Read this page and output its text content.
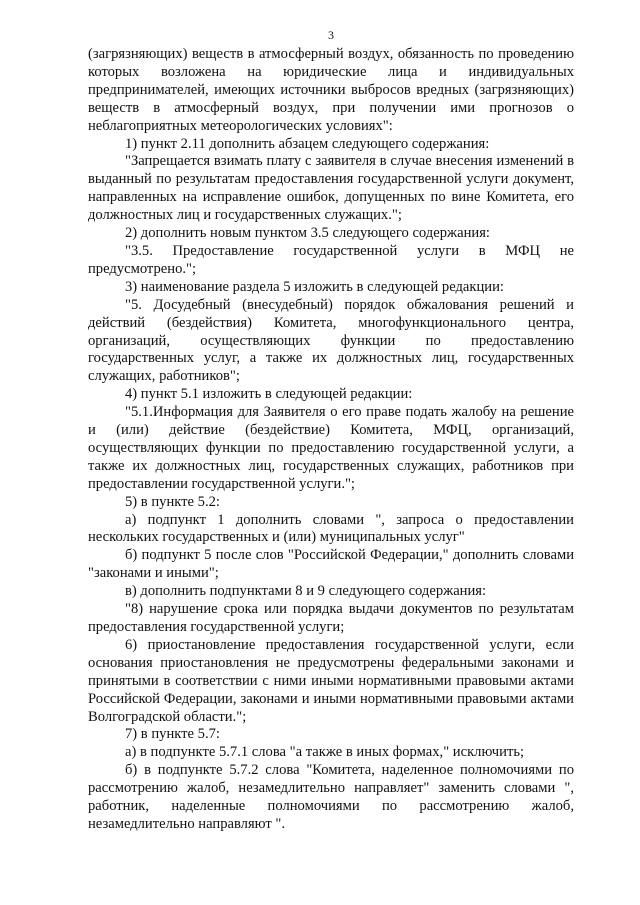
3

(загрязняющих) веществ в атмосферный воздух, обязанность по проведению которых возложена на юридические лица и индивидуальных предпринимателей, имеющих источники выбросов вредных (загрязняющих) веществ в атмосферный воздух, при получении ими прогнозов о неблагоприятных метеорологических условиях":

1) пункт 2.11 дополнить абзацем следующего содержания:

"Запрещается взимать плату с заявителя в случае внесения изменений в выданный по результатам предоставления государственной услуги документ, направленных на исправление ошибок, допущенных по вине Комитета, его должностных лиц и государственных служащих.";

2) дополнить новым пунктом 3.5 следующего содержания:

"3.5. Предоставление государственной услуги в МФЦ не предусмотрено.";

3) наименование раздела 5 изложить в следующей редакции:

"5. Досудебный (внесудебный) порядок обжалования решений и действий (бездействия) Комитета, многофункционального центра, организаций, осуществляющих функции по предоставлению государственных услуг, а также их должностных лиц, государственных служащих, работников";

4) пункт 5.1 изложить в следующей редакции:

"5.1.Информация для Заявителя о его праве подать жалобу на решение и (или) действие (бездействие) Комитета, МФЦ, организаций, осуществляющих функции по предоставлению государственной услуги, а также их должностных лиц, государственных служащих, работников при предоставлении государственной услуги.";

5) в пункте 5.2:

а) подпункт 1 дополнить словами ", запроса о предоставлении нескольких государственных и (или) муниципальных услуг"

б) подпункт 5 после слов "Российской Федерации," дополнить словами "законами и иными";

в) дополнить подпунктами 8 и 9 следующего содержания:

"8) нарушение срока или порядка выдачи документов по результатам предоставления государственной услуги;

6) приостановление предоставления государственной услуги, если основания приостановления не предусмотрены федеральными законами и принятыми в соответствии с ними иными нормативными правовыми актами Российской Федерации, законами и иными нормативными правовыми актами Волгоградской области.";

7) в пункте 5.7:

а) в подпункте 5.7.1 слова "а также в иных формах," исключить;

б) в подпункте 5.7.2 слова "Комитета, наделенное полномочиями по рассмотрению жалоб, незамедлительно направляет" заменить словами ", работник, наделенные полномочиями по рассмотрению жалоб, незамедлительно направляют ".
